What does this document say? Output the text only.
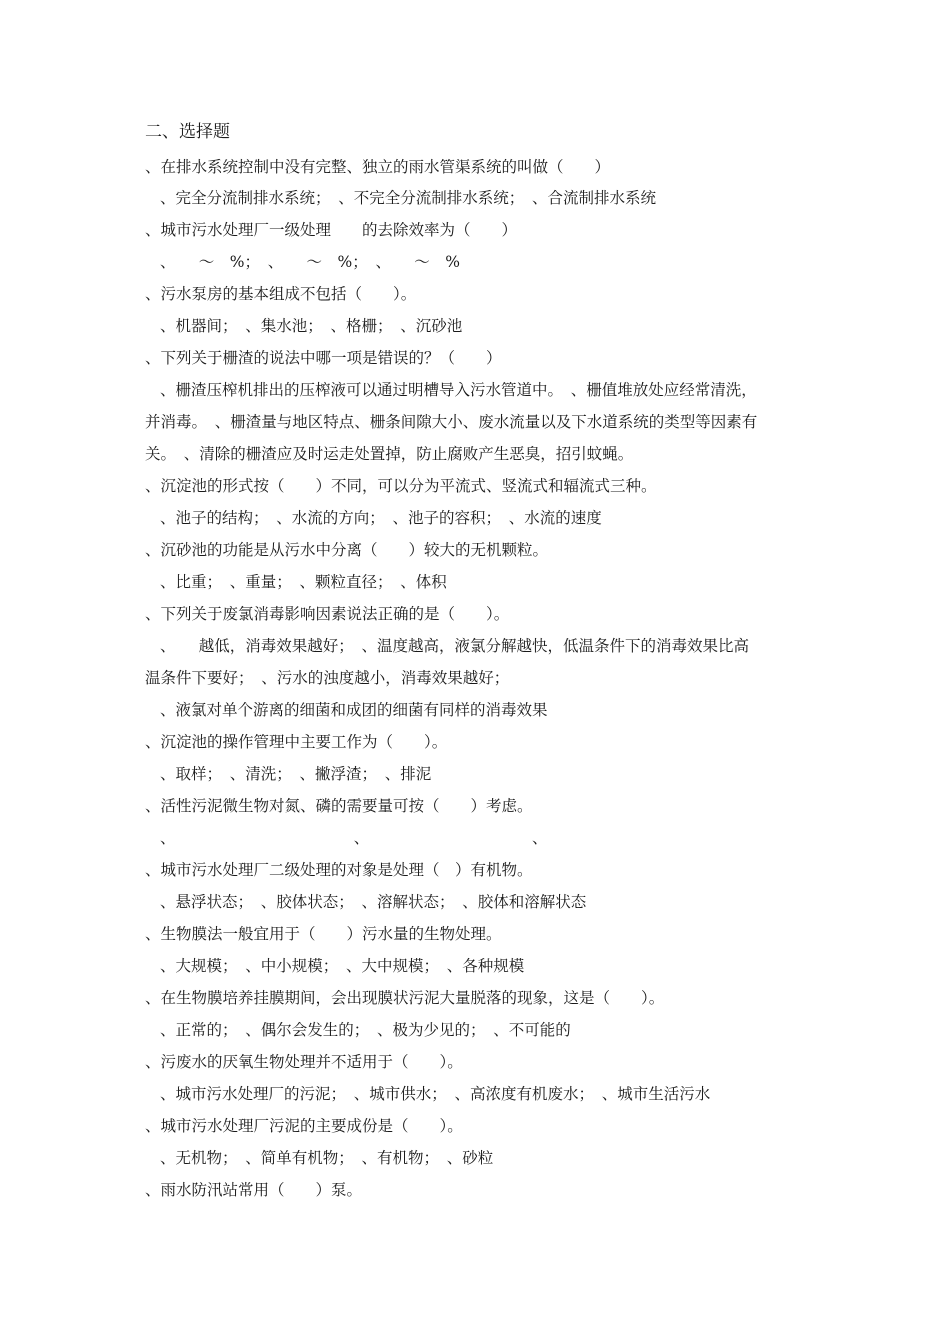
二、选择题
、在排水系统控制中没有完整、独立的雨水管渠系统的叫做（　　）
、完全分流制排水系统；　、不完全分流制排水系统；　、合流制排水系统
、城市污水处理厂一级处理　　的去除效率为（　　）
、　　～　%；　、　　～　%；　、　　～　%
、污水泵房的基本组成不包括（　　）。
、机器间；　、集水池；　、格栅；　、沉砂池
、下列关于栅渣的说法中哪一项是错误的？（　　）
、栅渣压榨机排出的压榨液可以通过明槽导入污水管道中。　、栅值堆放处应经常清洗，
并消毒。　、栅渣量与地区特点、栅条间隙大小、废水流量以及下水道系统的类型等因素有
关。　、清除的栅渣应及时运走处置掉，防止腐败产生恶臭，招引蚊蝇。
、沉淀池的形式按（　　）不同，可以分为平流式、竖流式和辐流式三种。
、池子的结构；　、水流的方向；　、池子的容积；　、水流的速度
、沉砂池的功能是从污水中分离（　　）较大的无机颗粒。
、比重；　、重量；　、颗粒直径；　、体积
、下列关于废氯消毒影响因素说法正确的是（　　）。
、　　越低，消毒效果越好；　、温度越高，液氯分解越快，低温条件下的消毒效果比高
温条件下要好；　、污水的浊度越小，消毒效果越好；
、液氯对单个游离的细菌和成团的细菌有同样的消毒效果
、沉淀池的操作管理中主要工作为（　　）。
、取样；　、清洗；　、撇浮渣；　、排泥
、活性污泥微生物对氮、磷的需要量可按（　　）考虑。
、　　　　　　　　　　　　、　　　　　　　　　　　、
、城市污水处理厂二级处理的对象是处理（　）有机物。
、悬浮状态；　、胶体状态；　、溶解状态；　、胶体和溶解状态
、生物膜法一般宜用于（　　）污水量的生物处理。
、大规模；　、中小规模；　、大中规模；　、各种规模
、在生物膜培养挂膜期间，会出现膜状污泥大量脱落的现象，这是（　　）。
、正常的；　、偶尔会发生的；　、极为少见的；　、不可能的
、污废水的厌氧生物处理并不适用于（　　）。
、城市污水处理厂的污泥；　、城市供水；　、高浓度有机废水；　、城市生活污水
、城市污水处理厂污泥的主要成份是（　　）。
、无机物；　、简单有机物；　、有机物；　、砂粒
、雨水防汛站常用（　　）泵。
